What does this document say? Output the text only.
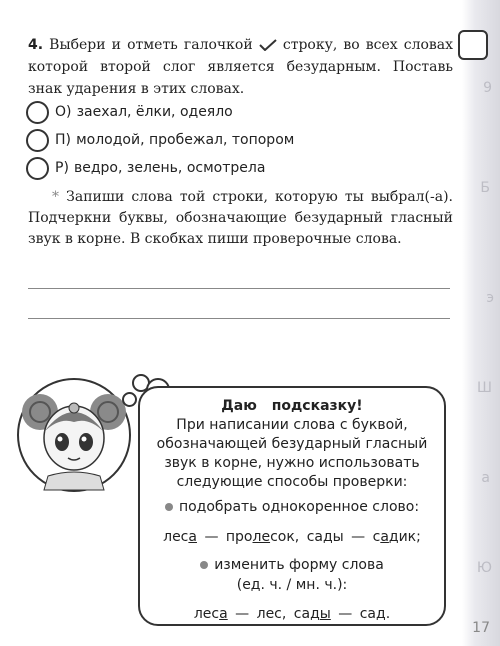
9
Б
э
Ш
а
Ю
4. Выбери и отметь галочкой строку, во всех словах которой второй слог является безударным. Поставь знак ударения в этих словах.
О)
заехал, ёлки, одеяло
П)
молодой, пробежал, топором
Р)
ведро, зелень, осмотрела
* Запиши слова той строки, которую ты выбрал(-а). Подчеркни буквы, обозначающие безударный гласный звук в корне. В скобках пиши проверочные слова.
Даю подсказку!

При написании слова с буквой,

обозначающей безударный гласный

звук в корне, нужно использовать

следующие способы проверки:

подобрать однокоренное слово:
леса — пролесок, сады — садик;
изменить форму слова

(ед. ч. / мн. ч.):

леса — лес, сады — сад.
17
